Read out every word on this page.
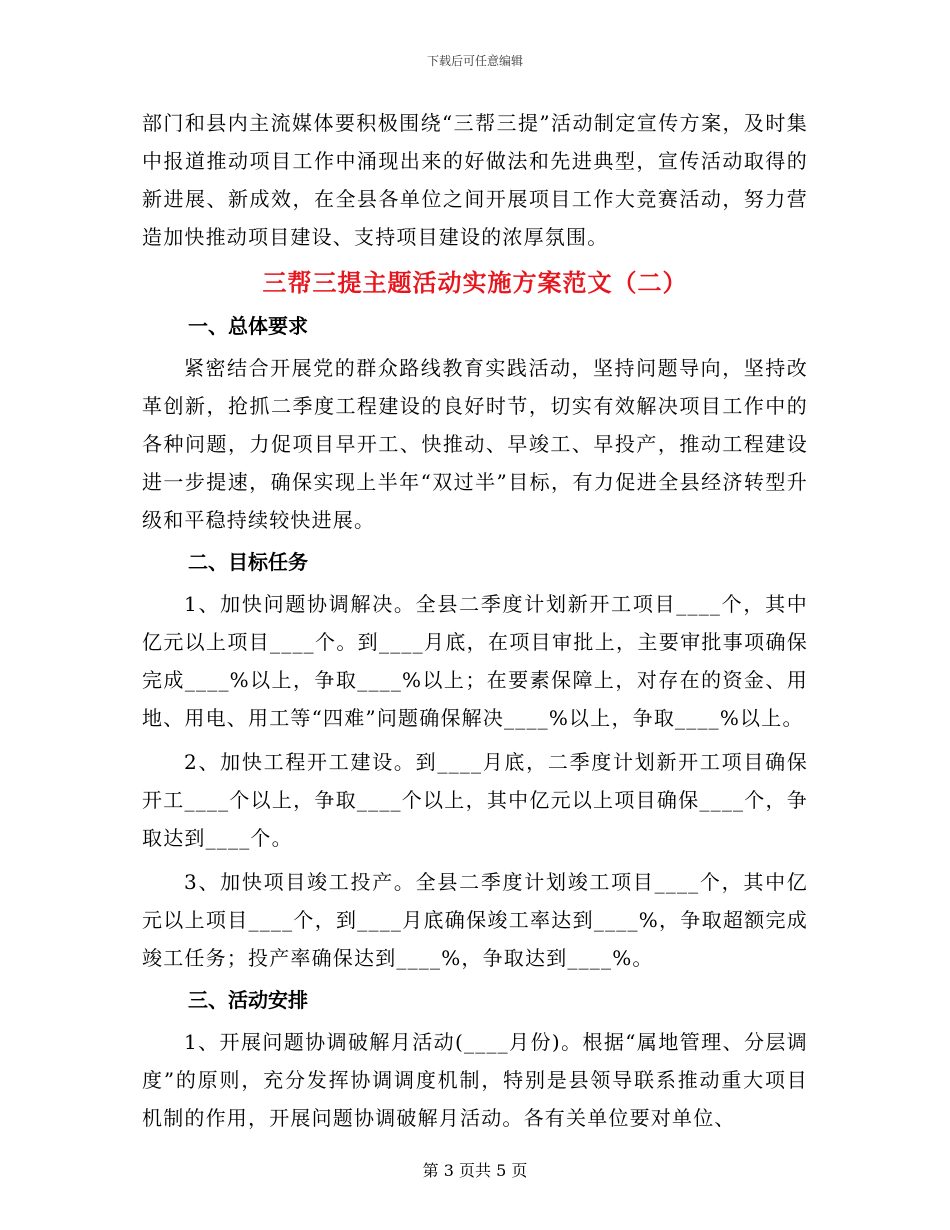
下载后可任意编辑

部门和县内主流媒体要积极围绕“三帮三提”活动制定宣传方案，及时集中报道推动项目工作中涌现出来的好做法和先进典型，宣传活动取得的新进展、新成效，在全县各单位之间开展项目工作大竞赛活动，努力营造加快推动项目建设、支持项目建设的浓厚氛围。

三帮三提主题活动实施方案范文（二）
一、总体要求

紧密结合开展党的群众路线教育实践活动，坚持问题导向，坚持改革创新，抢抓二季度工程建设的良好时节，切实有效解决项目工作中的各种问题，力促项目早开工、快推动、早竣工、早投产，推动工程建设进一步提速，确保实现上半年“双过半”目标，有力促进全县经济转型升级和平稳持续较快进展。

二、目标任务

1、加快问题协调解决。全县二季度计划新开工项目____个，其中亿元以上项目____个。到____月底，在项目审批上，主要审批事项确保完成____%以上，争取____%以上；在要素保障上，对存在的资金、用地、用电、用工等“四难”问题确保解决____%以上，争取____%以上。

2、加快工程开工建设。到____月底，二季度计划新开工项目确保开工____个以上，争取____个以上，其中亿元以上项目确保____个，争取达到____个。

3、加快项目竣工投产。全县二季度计划竣工项目____个，其中亿元以上项目____个，到____月底确保竣工率达到____%，争取超额完成竣工任务；投产率确保达到____%，争取达到____%。

三、活动安排

1、开展问题协调破解月活动(____月份)。根据“属地管理、分层调度”的原则，充分发挥协调调度机制，特别是县领导联系推动重大项目机制的作用，开展问题协调破解月活动。各有关单位要对单位、

第 3 页共 5 页
